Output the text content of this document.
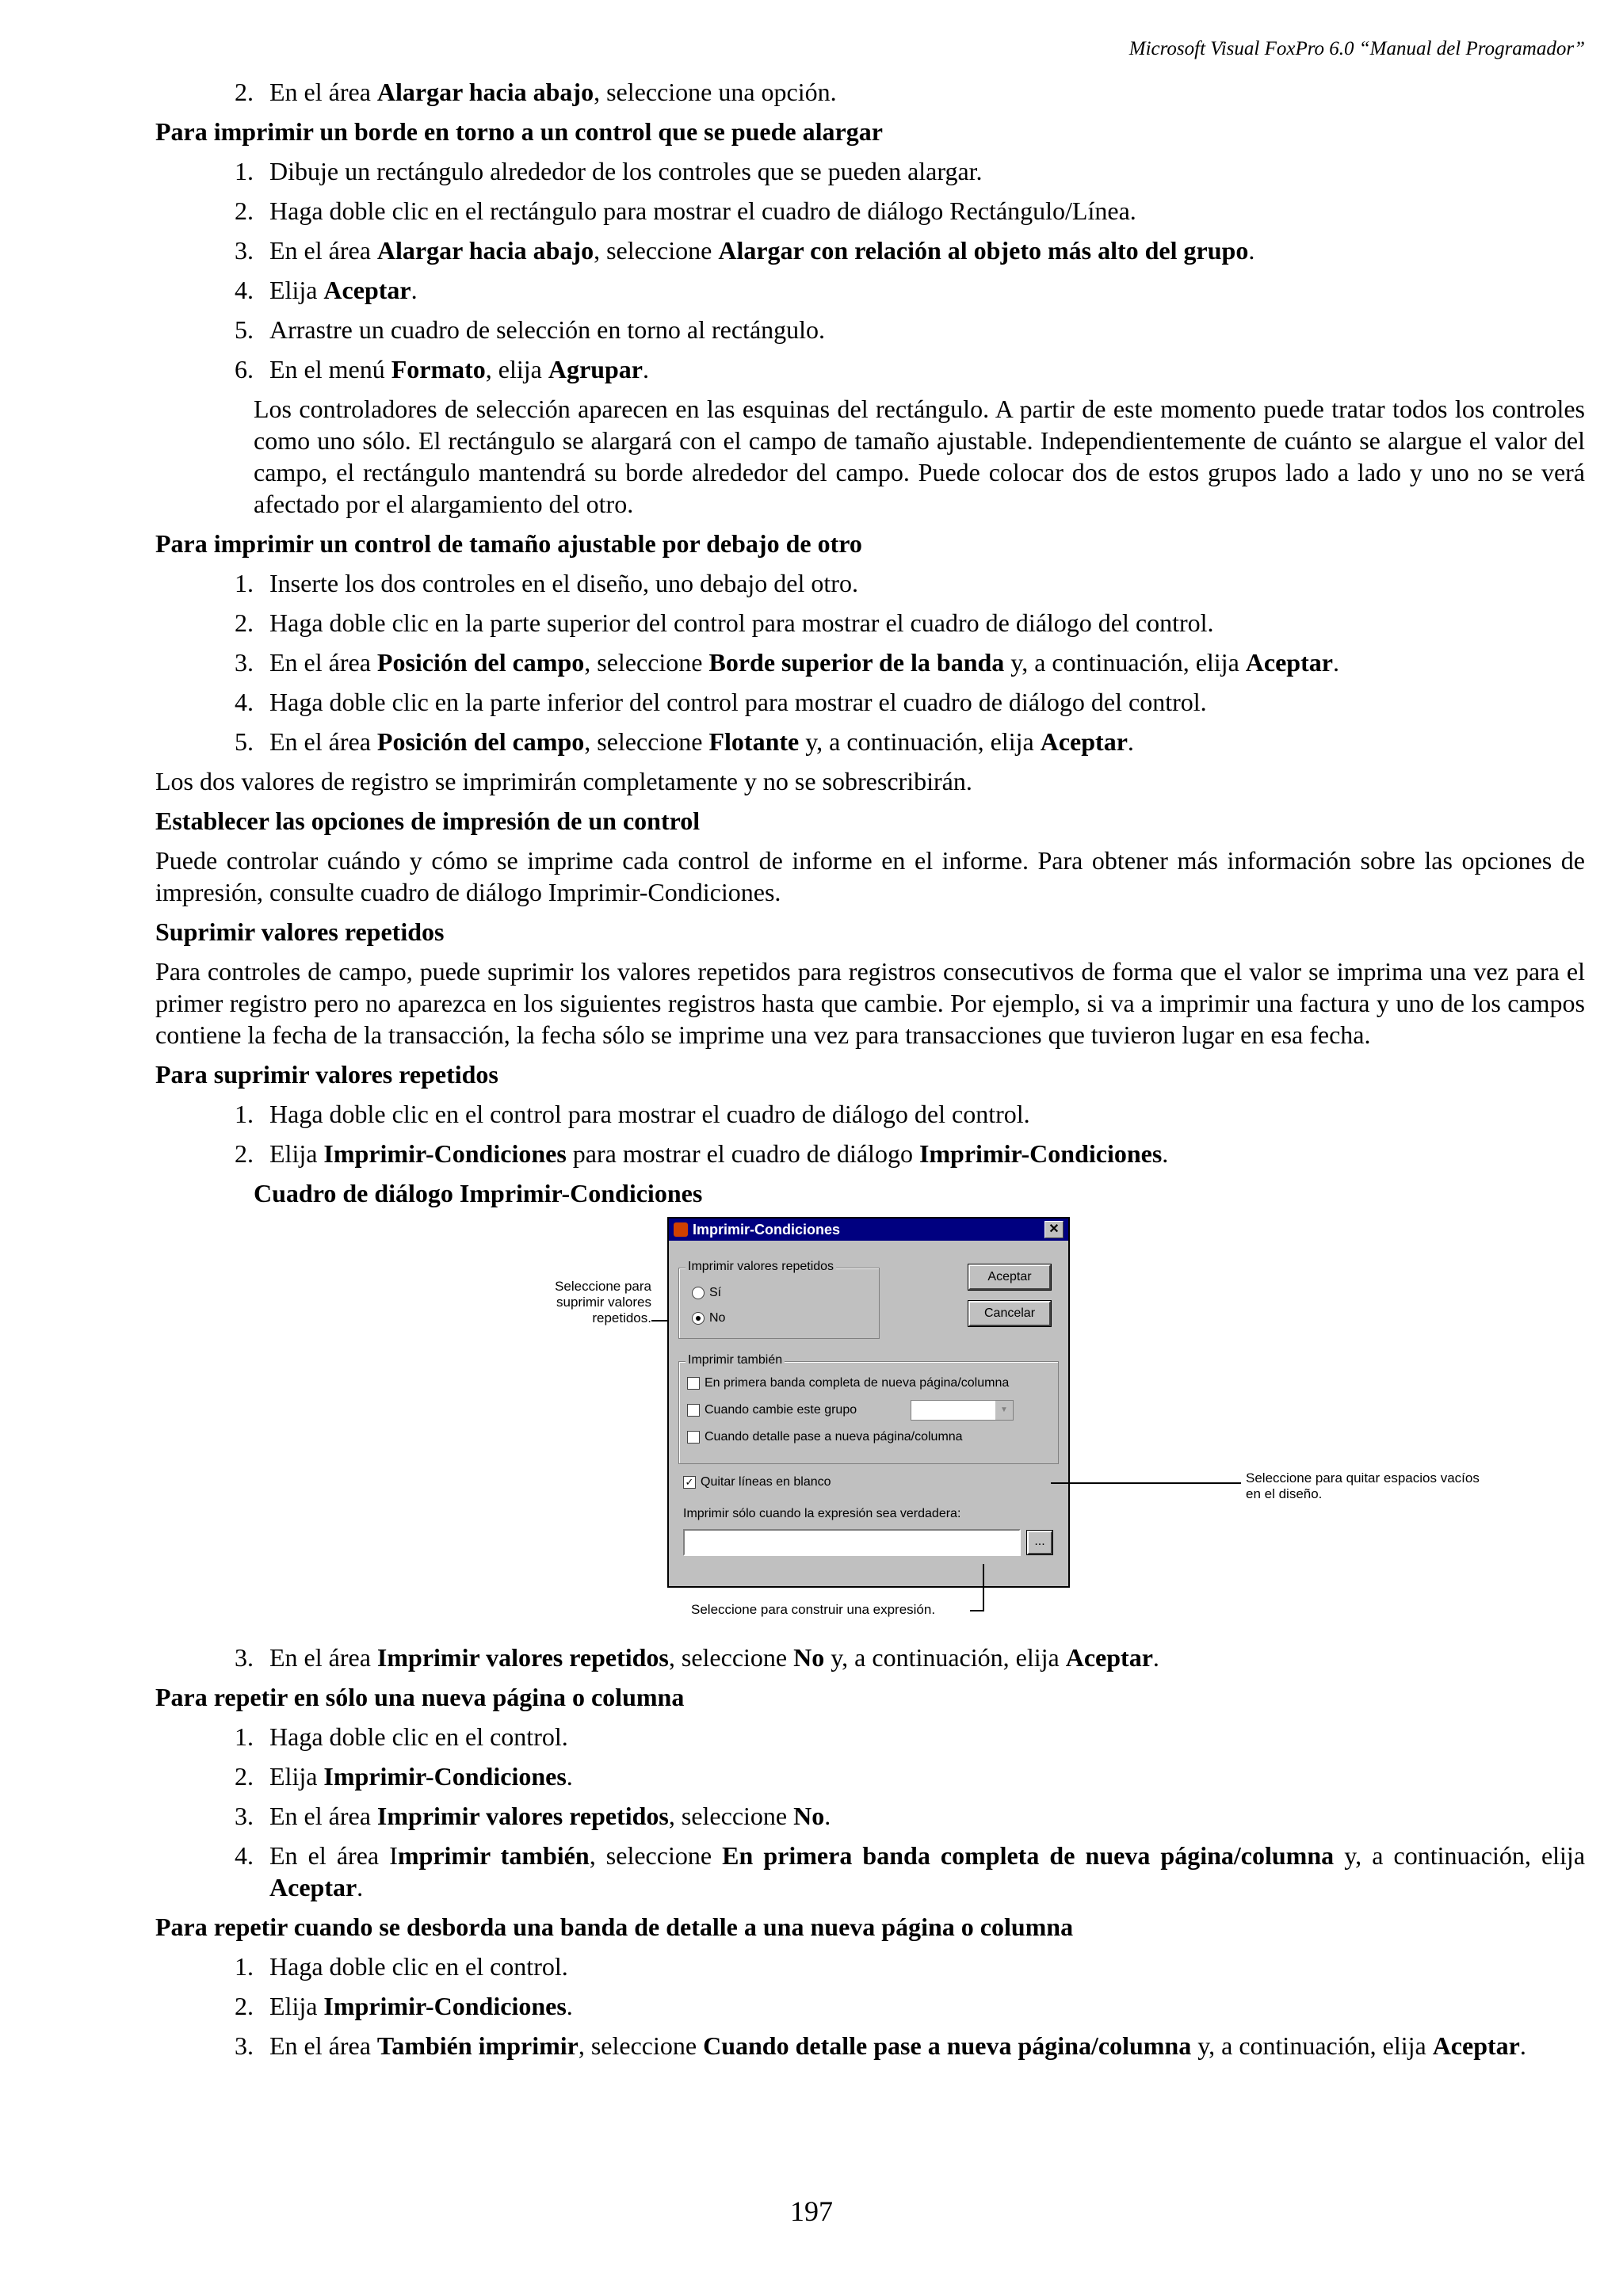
Microsoft Visual FoxPro 6.0 “Manual del Programador”
2. En el área Alargar hacia abajo, seleccione una opción.
Para imprimir un borde en torno a un control que se puede alargar
1. Dibuje un rectángulo alrededor de los controles que se pueden alargar.
2. Haga doble clic en el rectángulo para mostrar el cuadro de diálogo Rectángulo/Línea.
3. En el área Alargar hacia abajo, seleccione Alargar con relación al objeto más alto del grupo.
4. Elija Aceptar.
5. Arrastre un cuadro de selección en torno al rectángulo.
6. En el menú Formato, elija Agrupar.
Los controladores de selección aparecen en las esquinas del rectángulo. A partir de este momento puede tratar todos los controles como uno sólo. El rectángulo se alargará con el campo de tamaño ajustable. Independientemente de cuánto se alargue el valor del campo, el rectángulo mantendrá su borde alrededor del campo. Puede colocar dos de estos grupos lado a lado y uno no se verá afectado por el alargamiento del otro.
Para imprimir un control de tamaño ajustable por debajo de otro
1. Inserte los dos controles en el diseño, uno debajo del otro.
2. Haga doble clic en la parte superior del control para mostrar el cuadro de diálogo del control.
3. En el área Posición del campo, seleccione Borde superior de la banda y, a continuación, elija Aceptar.
4. Haga doble clic en la parte inferior del control para mostrar el cuadro de diálogo del control.
5. En el área Posición del campo, seleccione Flotante y, a continuación, elija Aceptar.
Los dos valores de registro se imprimirán completamente y no se sobrescribirán.
Establecer las opciones de impresión de un control
Puede controlar cuándo y cómo se imprime cada control de informe en el informe. Para obtener más información sobre las opciones de impresión, consulte cuadro de diálogo Imprimir-Condiciones.
Suprimir valores repetidos
Para controles de campo, puede suprimir los valores repetidos para registros consecutivos de forma que el valor se imprima una vez para el primer registro pero no aparezca en los siguientes registros hasta que cambie. Por ejemplo, si va a imprimir una factura y uno de los campos contiene la fecha de la transacción, la fecha sólo se imprime una vez para transacciones que tuvieron lugar en esa fecha.
Para suprimir valores repetidos
1. Haga doble clic en el control para mostrar el cuadro de diálogo del control.
2. Elija Imprimir-Condiciones para mostrar el cuadro de diálogo Imprimir-Condiciones.
Cuadro de diálogo Imprimir-Condiciones
Seleccione para suprimir valores repetidos.
Imprimir-Condiciones	✕
Imprimir valores repetidos
Sí
No
Aceptar
Cancelar
Imprimir también
En primera banda completa de nueva página/columna
Cuando cambie este grupo	▼
Cuando detalle pase a nueva página/columna
✓ Quitar líneas en blanco
Imprimir sólo cuando la expresión sea verdadera:
...
Seleccione para quitar espacios vacíos en el diseño.
Seleccione para construir una expresión.
3. En el área Imprimir valores repetidos, seleccione No y, a continuación, elija Aceptar.
Para repetir en sólo una nueva página o columna
1. Haga doble clic en el control.
2. Elija Imprimir-Condiciones.
3. En el área Imprimir valores repetidos, seleccione No.
4. En el área Imprimir también, seleccione En primera banda completa de nueva página/columna y, a continuación, elija Aceptar.
Para repetir cuando se desborda una banda de detalle a una nueva página o columna
1. Haga doble clic en el control.
2. Elija Imprimir-Condiciones.
3. En el área También imprimir, seleccione Cuando detalle pase a nueva página/columna y, a continuación, elija Aceptar.
197
